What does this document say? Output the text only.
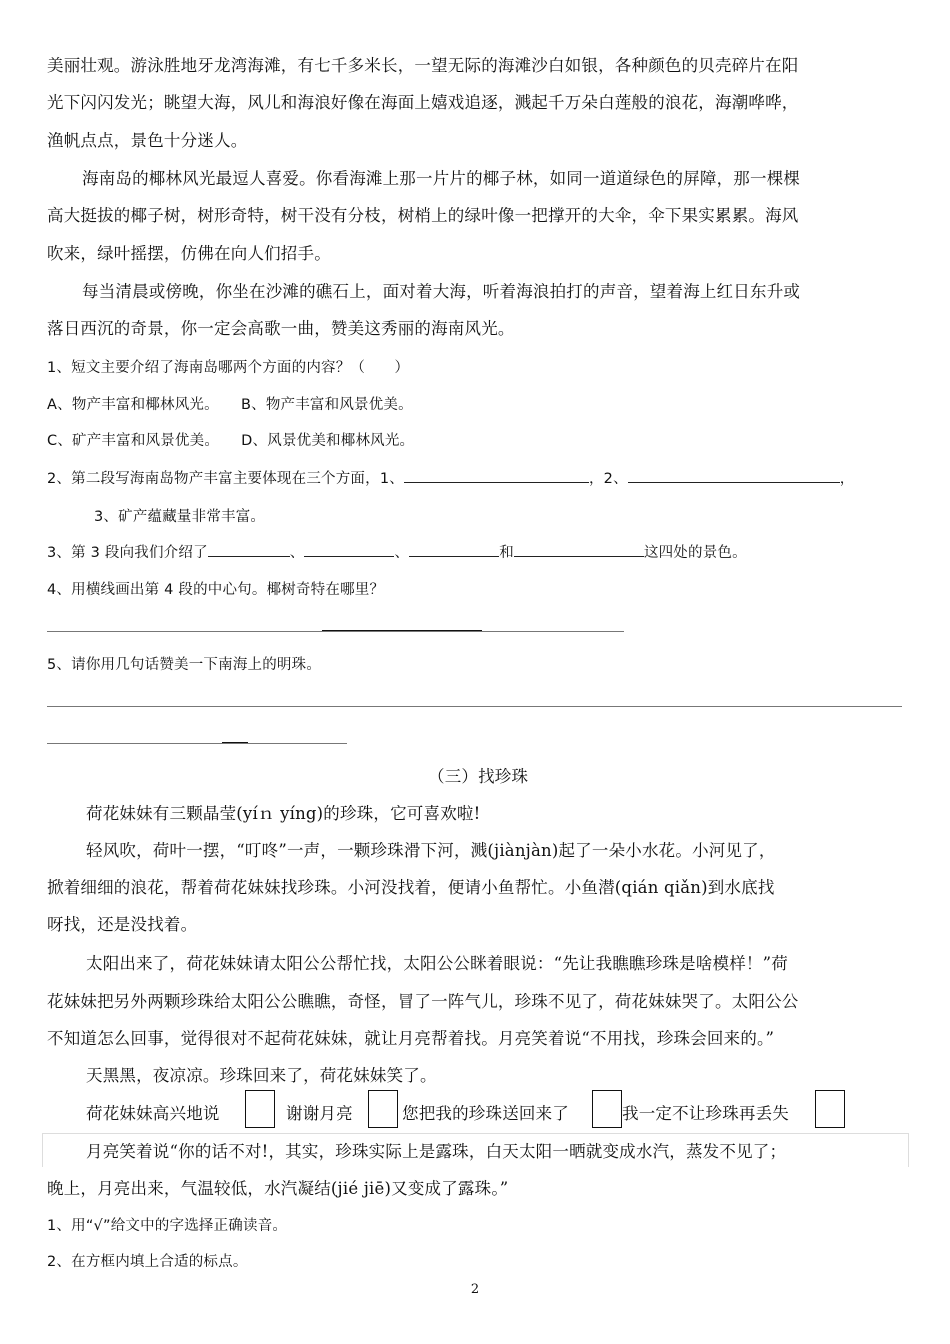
美丽壮观。游泳胜地牙龙湾海滩，有七千多米长，一望无际的海滩沙白如银，各种颜色的贝壳碎片在阳
光下闪闪发光；眺望大海，风儿和海浪好像在海面上嬉戏追逐，溅起千万朵白莲般的浪花，海潮哗哗，
渔帆点点，景色十分迷人。
海南岛的椰林风光最逗人喜爱。你看海滩上那一片片的椰子林，如同一道道绿色的屏障，那一棵棵
高大挺拔的椰子树，树形奇特，树干没有分枝，树梢上的绿叶像一把撑开的大伞，伞下果实累累。海风
吹来，绿叶摇摆，仿佛在向人们招手。
每当清晨或傍晚，你坐在沙滩的礁石上，面对着大海，听着海浪拍打的声音，望着海上红日东升或
落日西沉的奇景，你一定会高歌一曲，赞美这秀丽的海南风光。
1、短文主要介绍了海南岛哪两个方面的内容？（　　）
A、物产丰富和椰林风光。　　B、物产丰富和风景优美。
C、矿产丰富和风景优美。　　D、风景优美和椰林风光。
2、第二段写海南岛物产丰富主要体现在三个方面，1、	，2、	，
3、矿产蕴藏量非常丰富。
3、第 3 段向我们介绍了	、	、	和	这四处的景色。
4、用横线画出第 4 段的中心句。椰树奇特在哪里？
5、请你用几句话赞美一下南海上的明珠。
（三）找珍珠
荷花妹妹有三颗晶莹(yíｎ yíng)的珍珠，它可喜欢啦!
轻风吹，荷叶一摆，“叮咚”一声，一颗珍珠滑下河，溅(jiànjàn)起了一朵小水花。小河见了，
掀着细细的浪花，帮着荷花妹妹找珍珠。小河没找着，便请小鱼帮忙。小鱼潜(qián qiǎn)到水底找
呀找，还是没找着。
太阳出来了，荷花妹妹请太阳公公帮忙找，太阳公公眯着眼说：“先让我瞧瞧珍珠是啥模样！”荷
花妹妹把另外两颗珍珠给太阳公公瞧瞧，奇怪，冒了一阵气儿，珍珠不见了，荷花妹妹哭了。太阳公公
不知道怎么回事，觉得很对不起荷花妹妹，就让月亮帮着找。月亮笑着说“不用找，珍珠会回来的。”
天黑黑，夜凉凉。珍珠回来了，荷花妹妹笑了。
荷花妹妹高兴地说	谢谢月亮	您把我的珍珠送回来了	我一定不让珍珠再丢失
月亮笑着说“你的话不对!，其实，珍珠实际上是露珠，白天太阳一晒就变成水汽，蒸发不见了；
晚上，月亮出来，气温较低，水汽凝结(jié jiē)又变成了露珠。”
1、用“√”给文中的字选择正确读音。
2、在方框内填上合适的标点。
2
